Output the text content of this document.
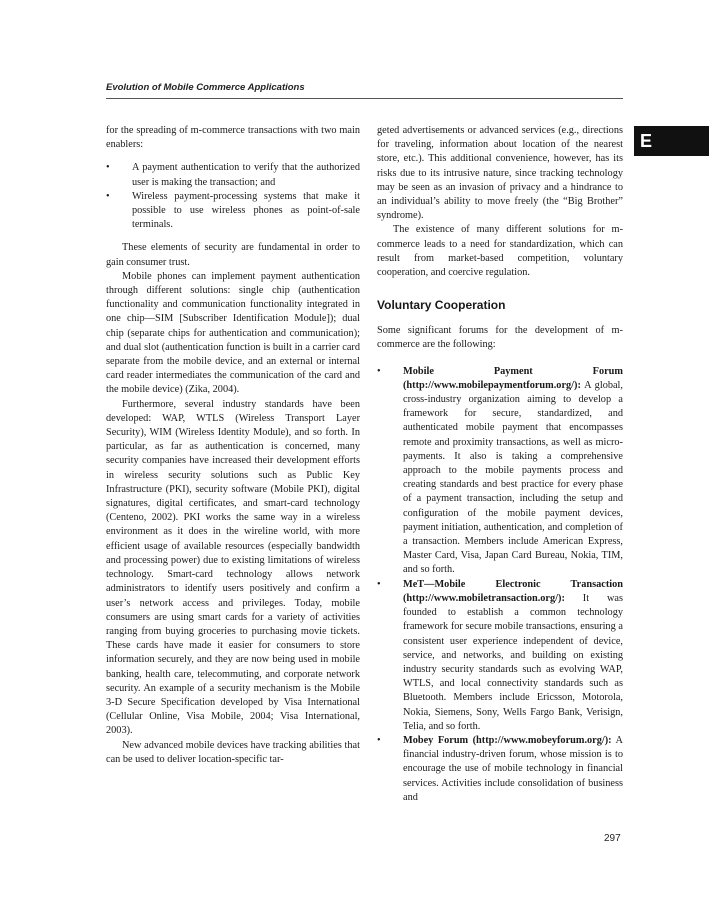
Evolution of Mobile Commerce Applications
E

for the spreading of m-commerce transactions with two main enablers:

• A payment authentication to verify that the authorized user is making the transaction; and
• Wireless payment-processing systems that make it possible to use wireless phones as point-of-sale terminals.

These elements of security are fundamental in order to gain consumer trust.

Mobile phones can implement payment authentication through different solutions: single chip (authentication functionality and communication functionality integrated in one chip—SIM [Subscriber Identification Module]); dual chip (separate chips for authentication and communication); and dual slot (authentication function is built in a carrier card separate from the mobile device, and an external or internal card reader intermediates the communication of the card and the mobile device) (Zika, 2004).

Furthermore, several industry standards have been developed: WAP, WTLS (Wireless Transport Layer Security), WIM (Wireless Identity Module), and so forth. In particular, as far as authentication is concerned, many security companies have increased their development efforts in wireless security solutions such as Public Key Infrastructure (PKI), security software (Mobile PKI), digital signatures, digital certificates, and smart-card technology (Centeno, 2002). PKI works the same way in a wireless environment as it does in the wireline world, with more efficient usage of available resources (especially bandwidth and processing power) due to existing limitations of wireless technology. Smart-card technology allows network administrators to identify users positively and confirm a user’s network access and privileges. Today, mobile consumers are using smart cards for a variety of activities ranging from buying groceries to purchasing movie tickets. These cards have made it easier for consumers to store information securely, and they are now being used in mobile banking, health care, telecommuting, and corporate network security. An example of a security mechanism is the Mobile 3-D Secure Specification developed by Visa International (Cellular Online, Visa Mobile, 2004; Visa International, 2003).

New advanced mobile devices have tracking abilities that can be used to deliver location-specific tar-

geted advertisements or advanced services (e.g., directions for traveling, information about location of the nearest store, etc.). This additional convenience, however, has its risks due to its intrusive nature, since tracking technology may be seen as an invasion of privacy and a hindrance to an individual’s ability to move freely (the “Big Brother” syndrome).

The existence of many different solutions for m-commerce leads to a need for standardization, which can result from market-based competition, voluntary cooperation, and coercive regulation.

Voluntary Cooperation

Some significant forums for the development of m-commerce are the following:

• Mobile Payment Forum (http://www.mobilepaymentforum.org/): A global, cross-industry organization aiming to develop a framework for secure, standardized, and authenticated mobile payment that encompasses remote and proximity transactions, as well as micro-payments. It also is taking a comprehensive approach to the mobile payments process and creating standards and best practice for every phase of a payment transaction, including the setup and configuration of the mobile payment devices, payment initiation, authentication, and completion of a transaction. Members include American Express, Master Card, Visa, Japan Card Bureau, Nokia, TIM, and so forth.
• MeT—Mobile Electronic Transaction (http://www.mobiletransaction.org/): It was founded to establish a common technology framework for secure mobile transactions, ensuring a consistent user experience independent of device, service, and networks, and building on existing industry security standards such as evolving WAP, WTLS, and local connectivity standards such as Bluetooth. Members include Ericsson, Motorola, Nokia, Siemens, Sony, Wells Fargo Bank, Verisign, Telia, and so forth.
• Mobey Forum (http://www.mobeyforum.org/): A financial industry-driven forum, whose mission is to encourage the use of mobile technology in financial services. Activities include consolidation of business and
297
